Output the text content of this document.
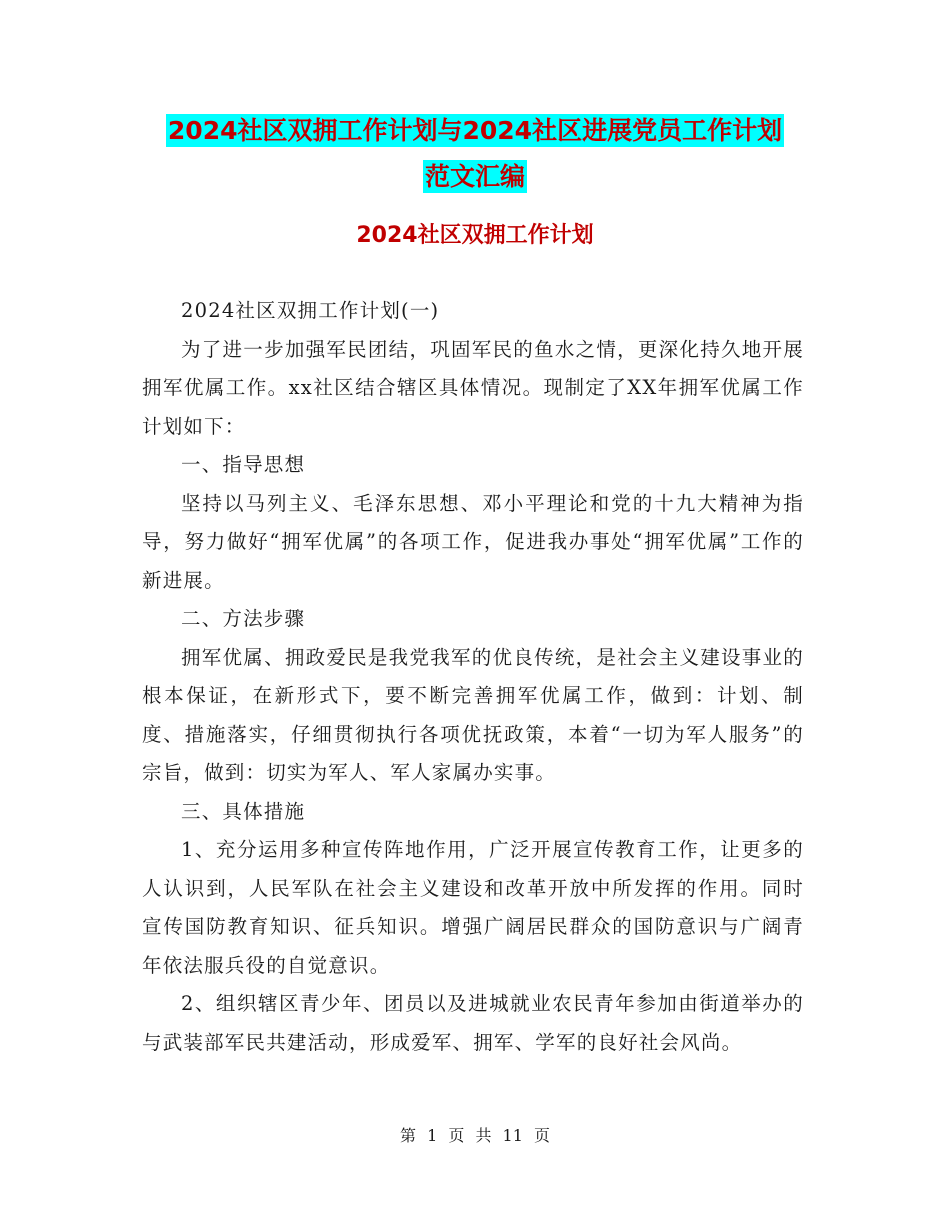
2024社区双拥工作计划与2024社区进展党员工作计划
范文汇编
2024社区双拥工作计划

2024社区双拥工作计划(一)

为了进一步加强军民团结，巩固军民的鱼水之情，更深化持久地开展拥军优属工作。xx社区结合辖区具体情况。现制定了XX年拥军优属工作计划如下：

一、指导思想

坚持以马列主义、毛泽东思想、邓小平理论和党的十九大精神为指导，努力做好“拥军优属”的各项工作，促进我办事处“拥军优属”工作的新进展。

二、方法步骤

拥军优属、拥政爱民是我党我军的优良传统，是社会主义建设事业的根本保证，在新形式下，要不断完善拥军优属工作，做到：计划、制度、措施落实，仔细贯彻执行各项优抚政策，本着“一切为军人服务”的宗旨，做到：切实为军人、军人家属办实事。

三、具体措施

1、充分运用多种宣传阵地作用，广泛开展宣传教育工作，让更多的人认识到，人民军队在社会主义建设和改革开放中所发挥的作用。同时宣传国防教育知识、征兵知识。增强广阔居民群众的国防意识与广阔青年依法服兵役的自觉意识。

2、组织辖区青少年、团员以及进城就业农民青年参加由街道举办的与武装部军民共建活动，形成爱军、拥军、学军的良好社会风尚。

第 1 页 共 11 页
